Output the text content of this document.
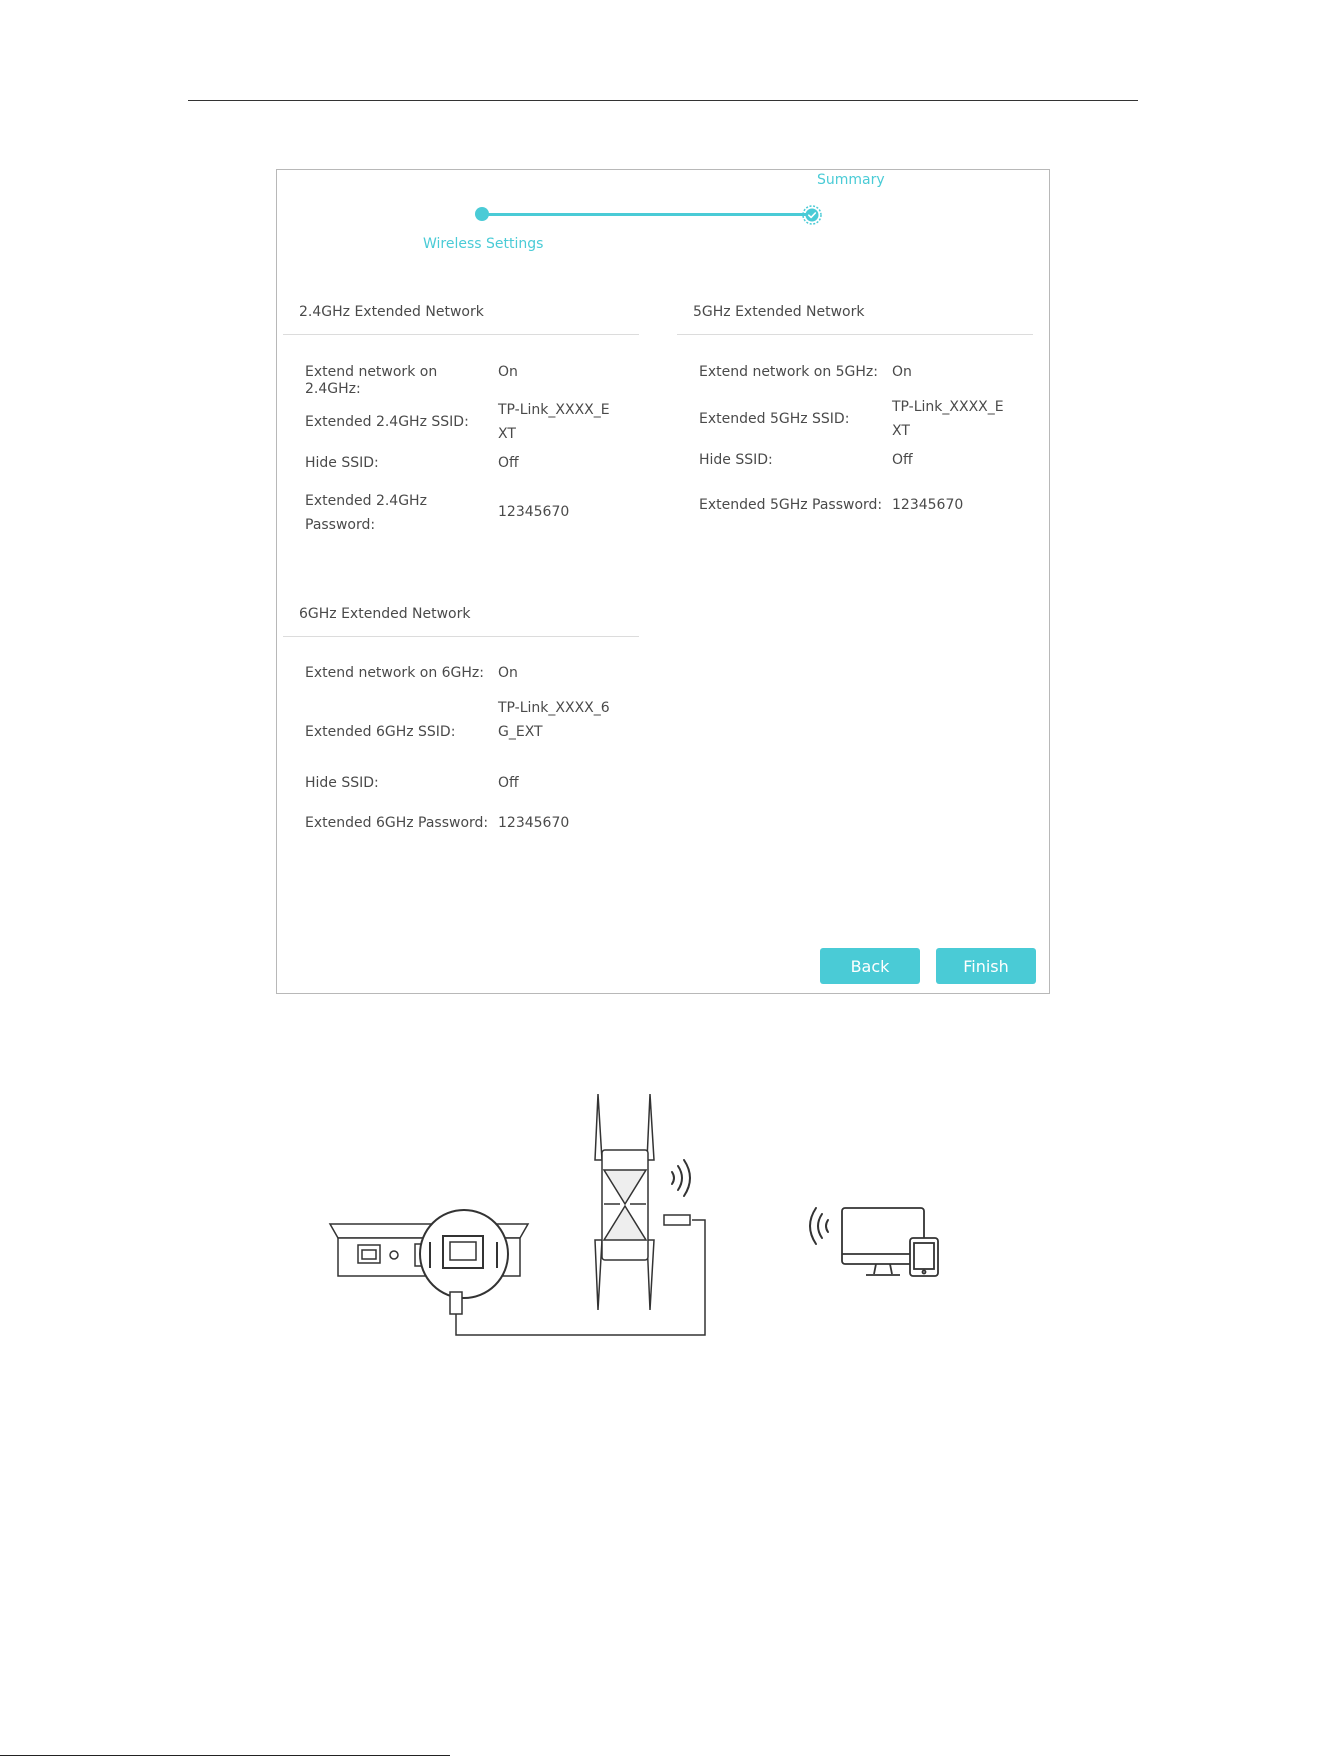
Wireless Settings
Summary
2.4GHz Extended Network
Extend network on 2.4GHz:
On
Extended 2.4GHz SSID:
TP-Link_XXXX_EXT
Hide SSID:	Off
Extended 2.4GHz Password:
12345670
5GHz Extended Network
Extend network on 5GHz:	On
Extended 5GHz SSID:
TP-Link_XXXX_EXT
Hide SSID:	Off
Extended 5GHz Password: 12345670
6GHz Extended Network
Extend network on 6GHz:	On
Extended 6GHz SSID:
TP-Link_XXXX_6G_EXT
Hide SSID:	Off
Extended 6GHz Password: 12345670
Back	Finish
